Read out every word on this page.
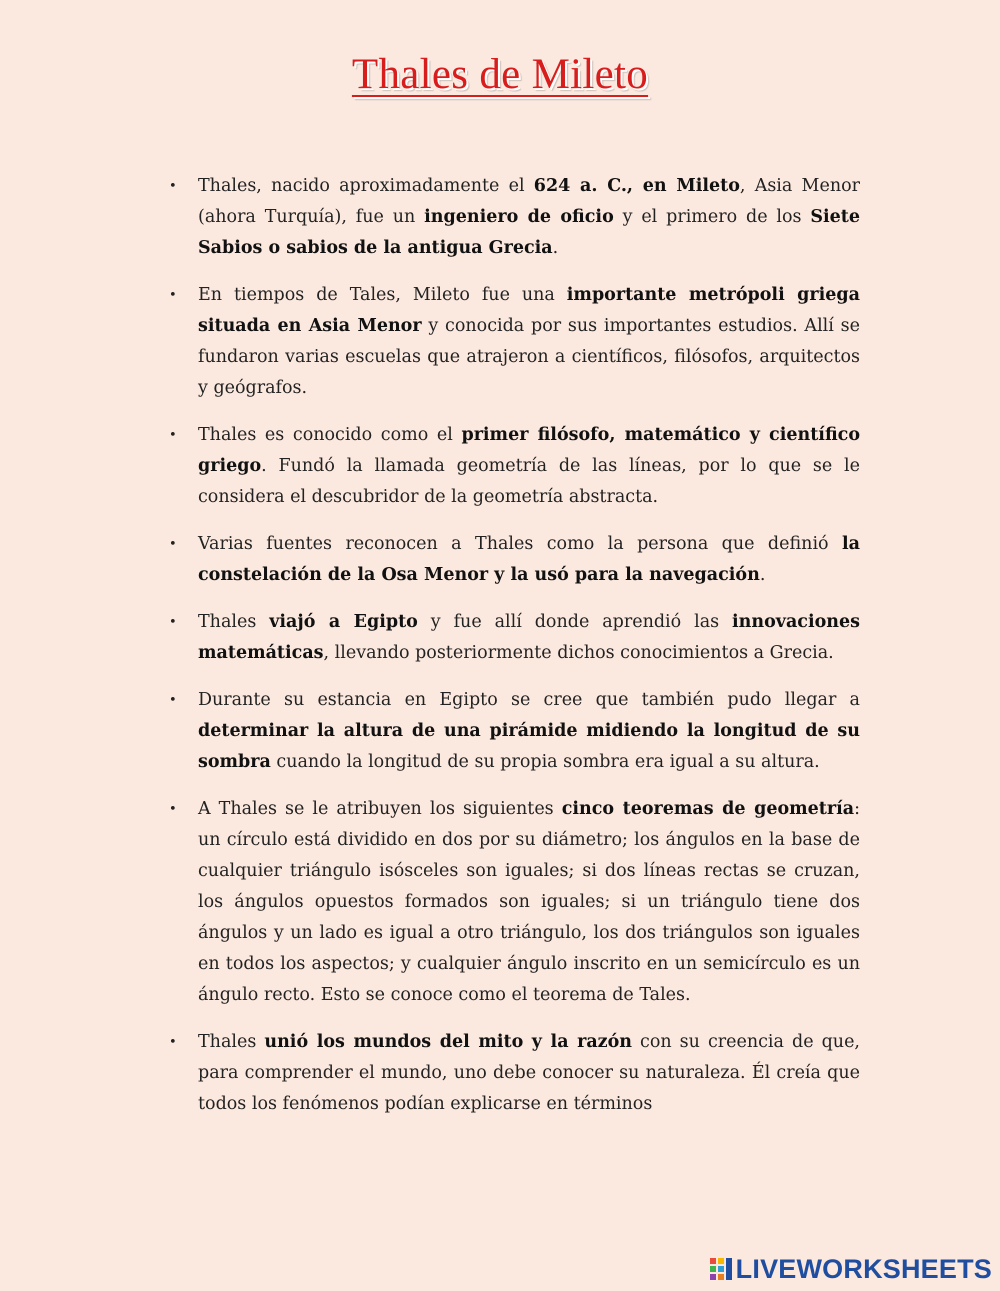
Thales de Mileto
• Thales, nacido aproximadamente el 624 a. C., en Mileto, Asia Menor (ahora Turquía), fue un ingeniero de oficio y el primero de los Siete Sabios o sabios de la antigua Grecia.
• En tiempos de Tales, Mileto fue una importante metrópoli griega situada en Asia Menor y conocida por sus importantes estudios. Allí se fundaron varias escuelas que atrajeron a científicos, filósofos, arquitectos y geógrafos.
• Thales es conocido como el primer filósofo, matemático y científico griego. Fundó la llamada geometría de las líneas, por lo que se le considera el descubridor de la geometría abstracta.
• Varias fuentes reconocen a Thales como la persona que definió la constelación de la Osa Menor y la usó para la navegación.
• Thales viajó a Egipto y fue allí donde aprendió las innovaciones matemáticas, llevando posteriormente dichos conocimientos a Grecia.
• Durante su estancia en Egipto se cree que también pudo llegar a determinar la altura de una pirámide midiendo la longitud de su sombra cuando la longitud de su propia sombra era igual a su altura.
• A Thales se le atribuyen los siguientes cinco teoremas de geometría: un círculo está dividido en dos por su diámetro; los ángulos en la base de cualquier triángulo isósceles son iguales; si dos líneas rectas se cruzan, los ángulos opuestos formados son iguales; si un triángulo tiene dos ángulos y un lado es igual a otro triángulo, los dos triángulos son iguales en todos los aspectos; y cualquier ángulo inscrito en un semicírculo es un ángulo recto. Esto se conoce como el teorema de Tales.
• Thales unió los mundos del mito y la razón con su creencia de que, para comprender el mundo, uno debe conocer su naturaleza. Él creía que todos los fenómenos podían explicarse en términos
LIVEWORKSHEETS
